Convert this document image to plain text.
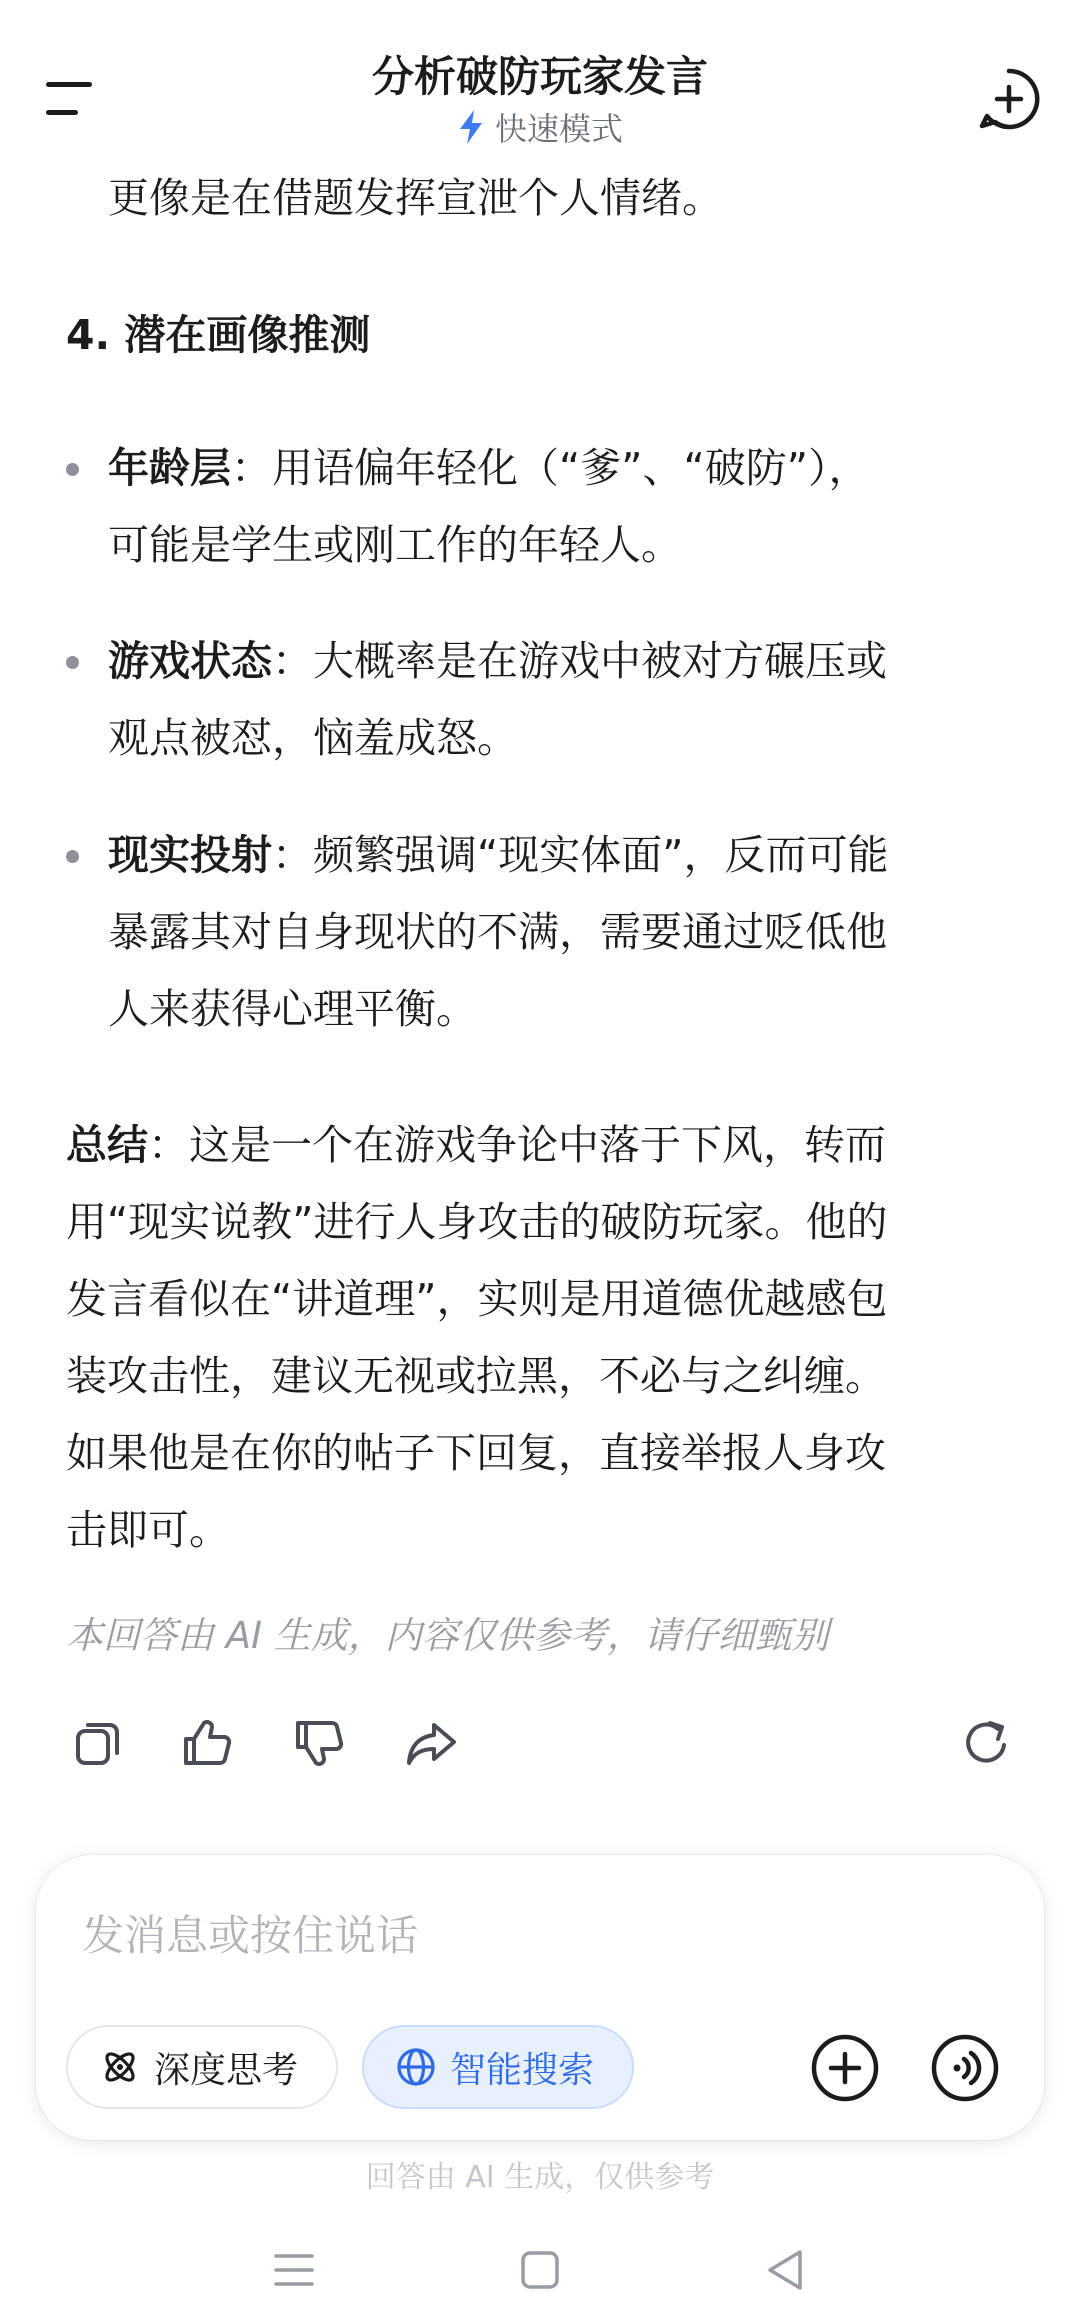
分析破防玩家发言
快速模式
更像是在借题发挥宣泄个人情绪。
4. 潜在画像推测
年龄层：用语偏年轻化（“爹”、“破防”），
可能是学生或刚工作的年轻人。
游戏状态：大概率是在游戏中被对方碾压或
观点被怼，恼羞成怒。
现实投射：频繁强调“现实体面”，反而可能
暴露其对自身现状的不满，需要通过贬低他
人来获得心理平衡。
总结：这是一个在游戏争论中落于下风，转而
用“现实说教”进行人身攻击的破防玩家。他的
发言看似在“讲道理”，实则是用道德优越感包
装攻击性，建议无视或拉黑，不必与之纠缠。
如果他是在你的帖子下回复，直接举报人身攻
击即可。
本回答由 AI 生成，内容仅供参考，请仔细甄别
发消息或按住说话
深度思考	智能搜索
回答由 AI 生成，仅供参考
